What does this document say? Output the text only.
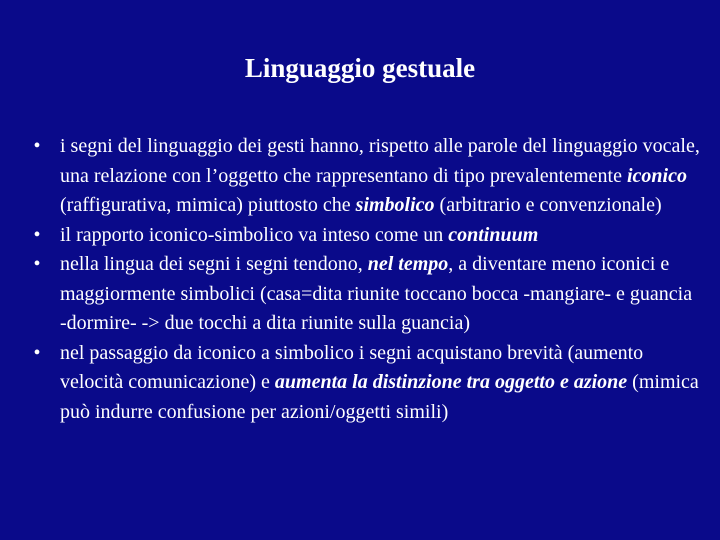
Linguaggio gestuale
• i segni del linguaggio dei gesti hanno, rispetto alle parole del linguaggio vocale, una relazione con l’oggetto che rappresentano di tipo prevalentemente iconico (raffigurativa, mimica) piuttosto che simbolico (arbitrario e convenzionale)
• il rapporto iconico-simbolico va inteso come un continuum
• nella lingua dei segni i segni tendono, nel tempo, a diventare meno iconici e maggiormente simbolici (casa=dita riunite toccano bocca -mangiare- e guancia -dormire- -> due tocchi a dita riunite sulla guancia)
• nel passaggio da iconico a simbolico i segni acquistano brevità (aumento velocità comunicazione) e aumenta la distinzione tra oggetto e azione (mimica può indurre confusione per azioni/oggetti simili)
